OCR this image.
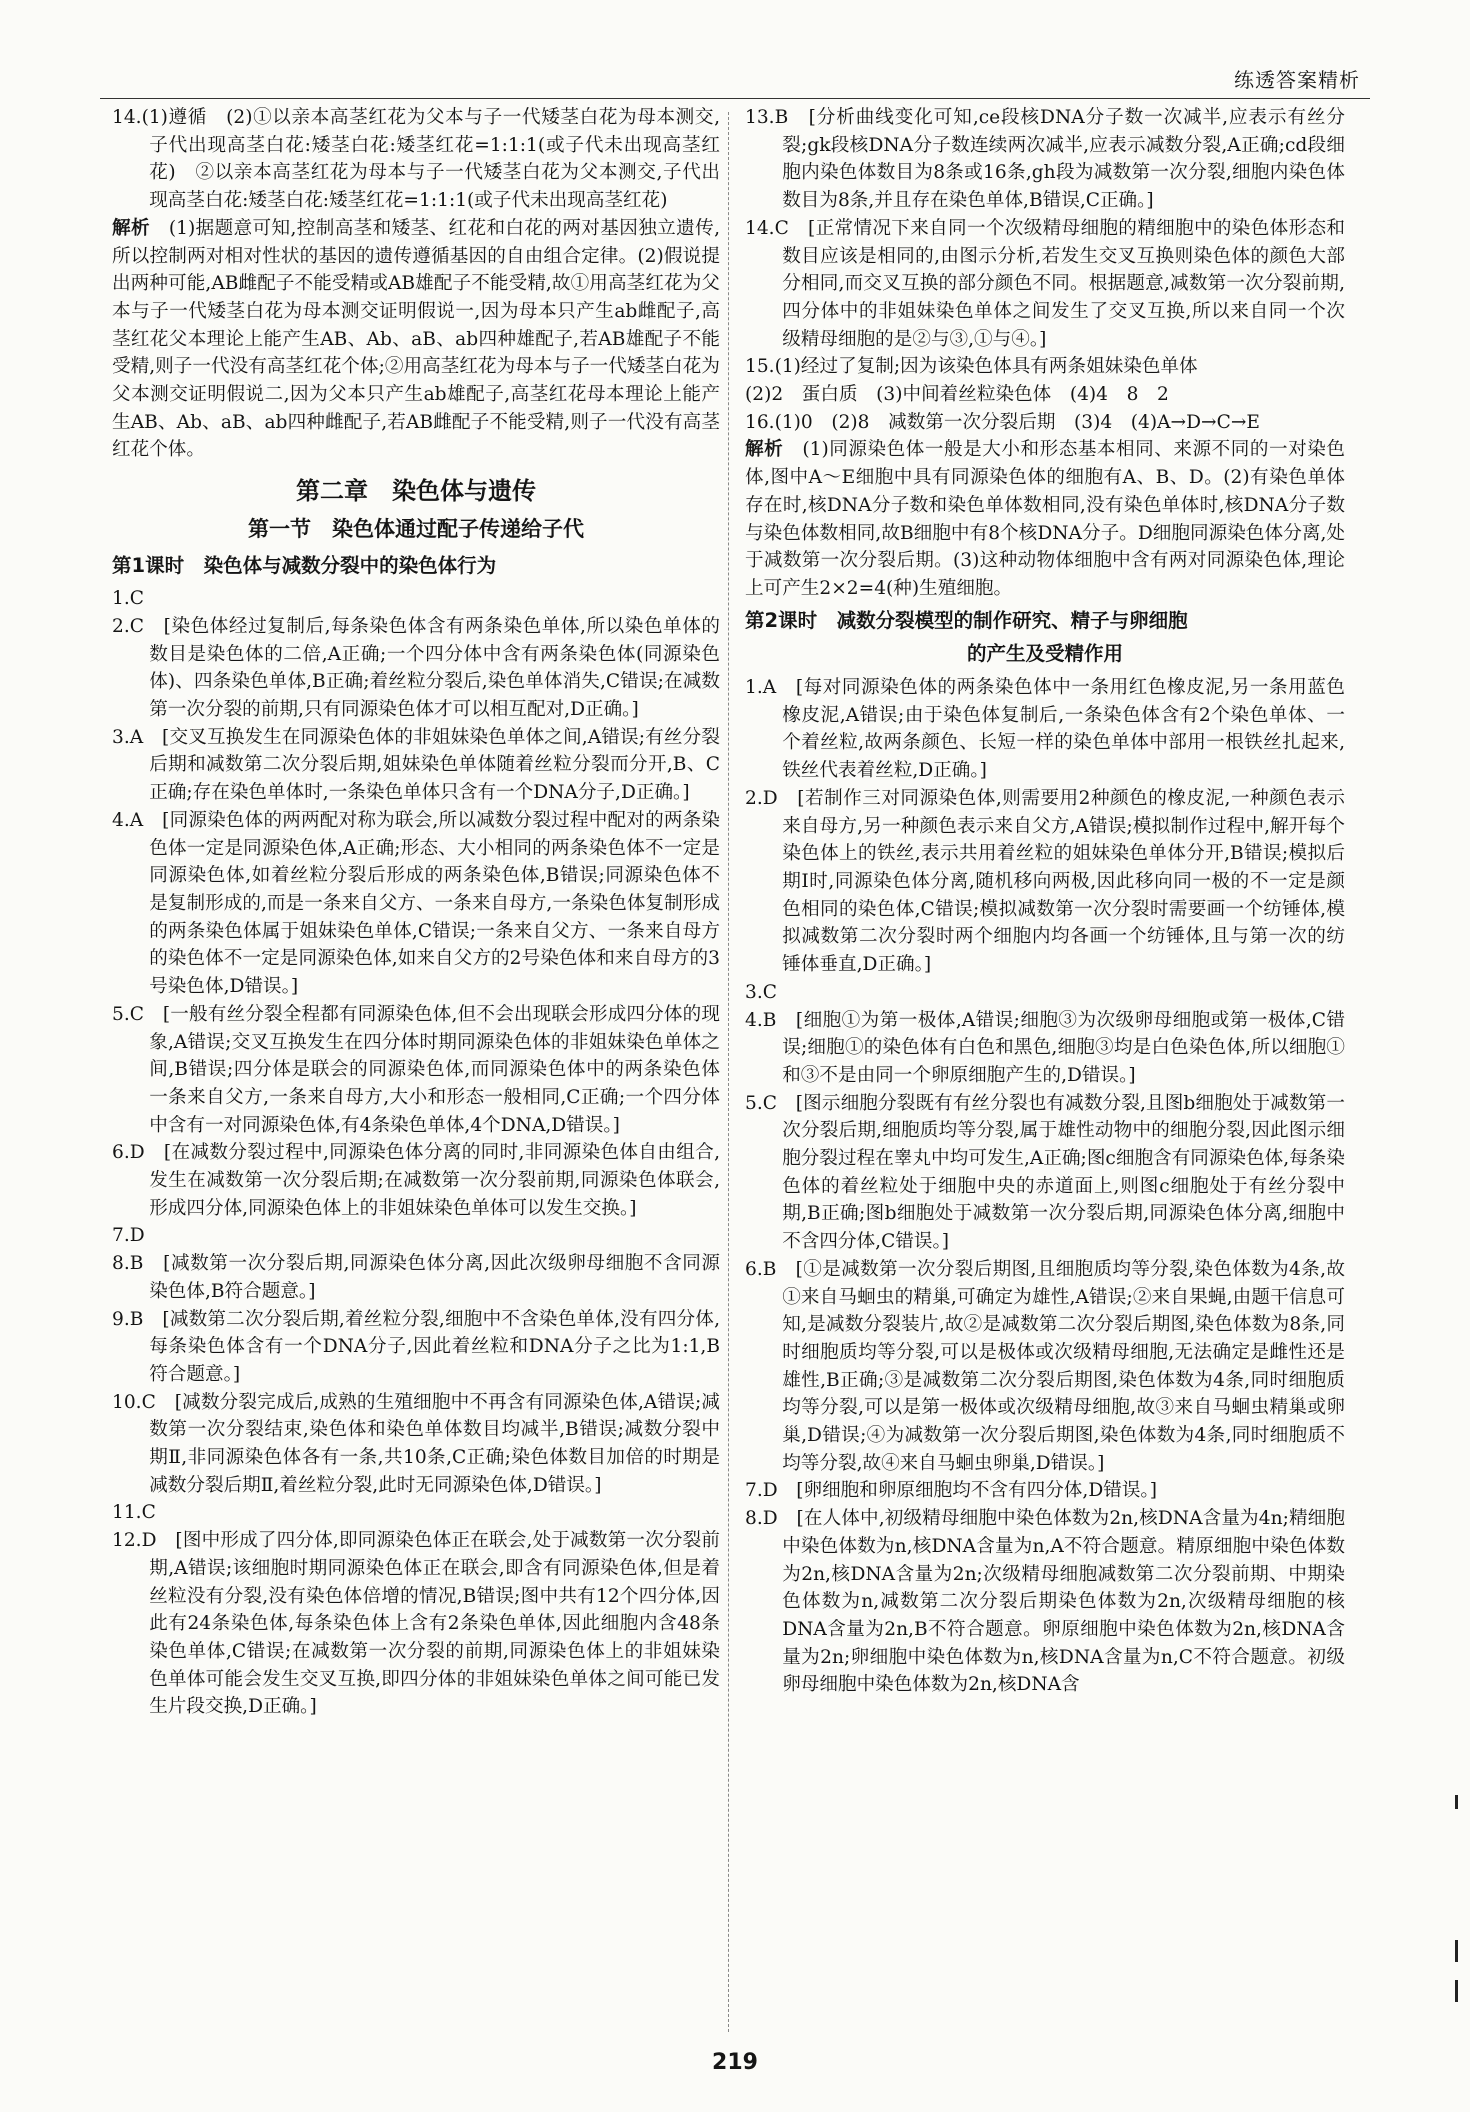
练透答案精析

14.(1)遵循　(2)①以亲本高茎红花为父本与子一代矮茎白花为母本测交,子代出现高茎白花:矮茎白花:矮茎红花=1:1:1(或子代未出现高茎红花)　②以亲本高茎红花为母本与子一代矮茎白花为父本测交,子代出现高茎白花:矮茎白花:矮茎红花=1:1:1(或子代未出现高茎红花)

解析　(1)据题意可知,控制高茎和矮茎、红花和白花的两对基因独立遗传,所以控制两对相对性状的基因的遗传遵循基因的自由组合定律。(2)假说提出两种可能,AB雌配子不能受精或AB雄配子不能受精,故①用高茎红花为父本与子一代矮茎白花为母本测交证明假说一,因为母本只产生ab雌配子,高茎红花父本理论上能产生AB、Ab、aB、ab四种雄配子,若AB雄配子不能受精,则子一代没有高茎红花个体;②用高茎红花为母本与子一代矮茎白花为父本测交证明假说二,因为父本只产生ab雄配子,高茎红花母本理论上能产生AB、Ab、aB、ab四种雌配子,若AB雌配子不能受精,则子一代没有高茎红花个体。

第二章　染色体与遗传
第一节　染色体通过配子传递给子代
第1课时　染色体与减数分裂中的染色体行为

1.C

2.C　[染色体经过复制后,每条染色体含有两条染色单体,所以染色单体的数目是染色体的二倍,A正确;一个四分体中含有两条染色体(同源染色体)、四条染色单体,B正确;着丝粒分裂后,染色单体消失,C错误;在减数第一次分裂的前期,只有同源染色体才可以相互配对,D正确。]

3.A　[交叉互换发生在同源染色体的非姐妹染色单体之间,A错误;有丝分裂后期和减数第二次分裂后期,姐妹染色单体随着丝粒分裂而分开,B、C正确;存在染色单体时,一条染色单体只含有一个DNA分子,D正确。]

4.A　[同源染色体的两两配对称为联会,所以减数分裂过程中配对的两条染色体一定是同源染色体,A正确;形态、大小相同的两条染色体不一定是同源染色体,如着丝粒分裂后形成的两条染色体,B错误;同源染色体不是复制形成的,而是一条来自父方、一条来自母方,一条染色体复制形成的两条染色体属于姐妹染色单体,C错误;一条来自父方、一条来自母方的染色体不一定是同源染色体,如来自父方的2号染色体和来自母方的3号染色体,D错误。]

5.C　[一般有丝分裂全程都有同源染色体,但不会出现联会形成四分体的现象,A错误;交叉互换发生在四分体时期同源染色体的非姐妹染色单体之间,B错误;四分体是联会的同源染色体,而同源染色体中的两条染色体一条来自父方,一条来自母方,大小和形态一般相同,C正确;一个四分体中含有一对同源染色体,有4条染色单体,4个DNA,D错误。]

6.D　[在减数分裂过程中,同源染色体分离的同时,非同源染色体自由组合,发生在减数第一次分裂后期;在减数第一次分裂前期,同源染色体联会,形成四分体,同源染色体上的非姐妹染色单体可以发生交换。]

7.D

8.B　[减数第一次分裂后期,同源染色体分离,因此次级卵母细胞不含同源染色体,B符合题意。]

9.B　[减数第二次分裂后期,着丝粒分裂,细胞中不含染色单体,没有四分体,每条染色体含有一个DNA分子,因此着丝粒和DNA分子之比为1:1,B符合题意。]

10.C　[减数分裂完成后,成熟的生殖细胞中不再含有同源染色体,A错误;减数第一次分裂结束,染色体和染色单体数目均减半,B错误;减数分裂中期Ⅱ,非同源染色体各有一条,共10条,C正确;染色体数目加倍的时期是减数分裂后期Ⅱ,着丝粒分裂,此时无同源染色体,D错误。]

11.C

12.D　[图中形成了四分体,即同源染色体正在联会,处于减数第一次分裂前期,A错误;该细胞时期同源染色体正在联会,即含有同源染色体,但是着丝粒没有分裂,没有染色体倍增的情况,B错误;图中共有12个四分体,因此有24条染色体,每条染色体上含有2条染色单体,因此细胞内含48条染色单体,C错误;在减数第一次分裂的前期,同源染色体上的非姐妹染色单体可能会发生交叉互换,即四分体的非姐妹染色单体之间可能已发生片段交换,D正确。]

13.B　[分析曲线变化可知,ce段核DNA分子数一次减半,应表示有丝分裂;gk段核DNA分子数连续两次减半,应表示减数分裂,A正确;cd段细胞内染色体数目为8条或16条,gh段为减数第一次分裂,细胞内染色体数目为8条,并且存在染色单体,B错误,C正确。]

14.C　[正常情况下来自同一个次级精母细胞的精细胞中的染色体形态和数目应该是相同的,由图示分析,若发生交叉互换则染色体的颜色大部分相同,而交叉互换的部分颜色不同。根据题意,减数第一次分裂前期,四分体中的非姐妹染色单体之间发生了交叉互换,所以来自同一个次级精母细胞的是②与③,①与④。]

15.(1)经过了复制;因为该染色体具有两条姐妹染色单体

(2)2　蛋白质　(3)中间着丝粒染色体　(4)4　8　2

16.(1)0　(2)8　减数第一次分裂后期　(3)4　(4)A→D→C→E

解析　(1)同源染色体一般是大小和形态基本相同、来源不同的一对染色体,图中A～E细胞中具有同源染色体的细胞有A、B、D。(2)有染色单体存在时,核DNA分子数和染色单体数相同,没有染色单体时,核DNA分子数与染色体数相同,故B细胞中有8个核DNA分子。D细胞同源染色体分离,处于减数第一次分裂后期。(3)这种动物体细胞中含有两对同源染色体,理论上可产生2×2=4(种)生殖细胞。

第2课时　减数分裂模型的制作研究、精子与卵细胞
的产生及受精作用

1.A　[每对同源染色体的两条染色体中一条用红色橡皮泥,另一条用蓝色橡皮泥,A错误;由于染色体复制后,一条染色体含有2个染色单体、一个着丝粒,故两条颜色、长短一样的染色单体中部用一根铁丝扎起来,铁丝代表着丝粒,D正确。]

2.D　[若制作三对同源染色体,则需要用2种颜色的橡皮泥,一种颜色表示来自母方,另一种颜色表示来自父方,A错误;模拟制作过程中,解开每个染色体上的铁丝,表示共用着丝粒的姐妹染色单体分开,B错误;模拟后期Ⅰ时,同源染色体分离,随机移向两极,因此移向同一极的不一定是颜色相同的染色体,C错误;模拟减数第一次分裂时需要画一个纺锤体,模拟减数第二次分裂时两个细胞内均各画一个纺锤体,且与第一次的纺锤体垂直,D正确。]

3.C

4.B　[细胞①为第一极体,A错误;细胞③为次级卵母细胞或第一极体,C错误;细胞①的染色体有白色和黑色,细胞③均是白色染色体,所以细胞①和③不是由同一个卵原细胞产生的,D错误。]

5.C　[图示细胞分裂既有有丝分裂也有减数分裂,且图b细胞处于减数第一次分裂后期,细胞质均等分裂,属于雄性动物中的细胞分裂,因此图示细胞分裂过程在睾丸中均可发生,A正确;图c细胞含有同源染色体,每条染色体的着丝粒处于细胞中央的赤道面上,则图c细胞处于有丝分裂中期,B正确;图b细胞处于减数第一次分裂后期,同源染色体分离,细胞中不含四分体,C错误。]

6.B　[①是减数第一次分裂后期图,且细胞质均等分裂,染色体数为4条,故①来自马蛔虫的精巢,可确定为雄性,A错误;②来自果蝇,由题干信息可知,是减数分裂装片,故②是减数第二次分裂后期图,染色体数为8条,同时细胞质均等分裂,可以是极体或次级精母细胞,无法确定是雌性还是雄性,B正确;③是减数第二次分裂后期图,染色体数为4条,同时细胞质均等分裂,可以是第一极体或次级精母细胞,故③来自马蛔虫精巢或卵巢,D错误;④为减数第一次分裂后期图,染色体数为4条,同时细胞质不均等分裂,故④来自马蛔虫卵巢,D错误。]

7.D　[卵细胞和卵原细胞均不含有四分体,D错误。]

8.D　[在人体中,初级精母细胞中染色体数为2n,核DNA含量为4n;精细胞中染色体数为n,核DNA含量为n,A不符合题意。精原细胞中染色体数为2n,核DNA含量为2n;次级精母细胞减数第二次分裂前期、中期染色体数为n,减数第二次分裂后期染色体数为2n,次级精母细胞的核DNA含量为2n,B不符合题意。卵原细胞中染色体数为2n,核DNA含量为2n;卵细胞中染色体数为n,核DNA含量为n,C不符合题意。初级卵母细胞中染色体数为2n,核DNA含

219
